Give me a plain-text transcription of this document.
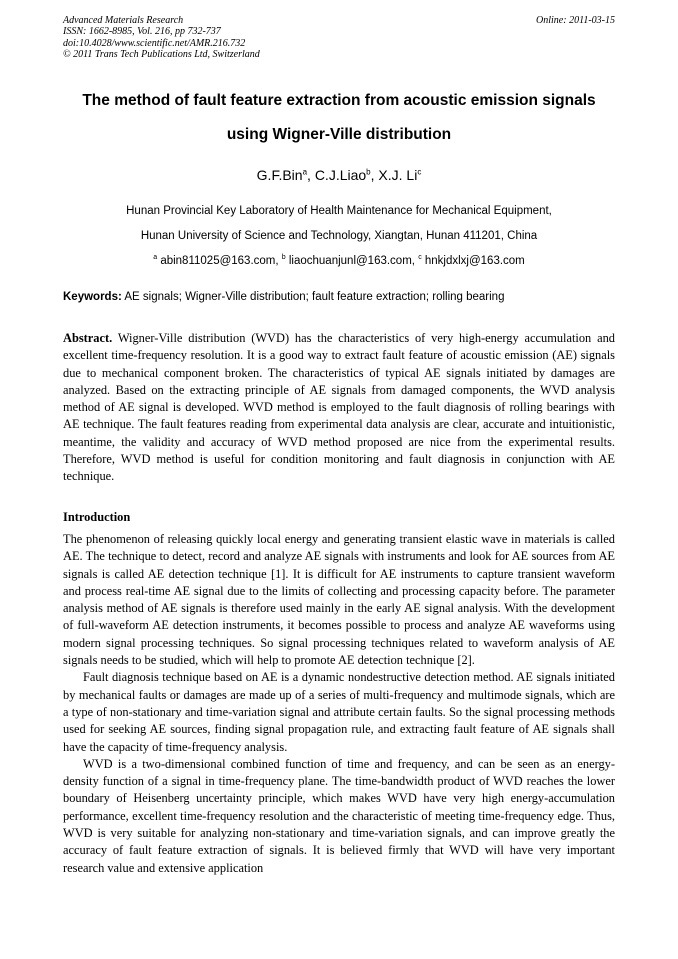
Advanced Materials Research
ISSN: 1662-8985, Vol. 216, pp 732-737
doi:10.4028/www.scientific.net/AMR.216.732
© 2011 Trans Tech Publications Ltd, Switzerland
Online: 2011-03-15
The method of fault feature extraction from acoustic emission signals
using Wigner-Ville distribution
G.F.Bin$^a$, C.J.Liao$^b$, X.J. Li$^c$
Hunan Provincial Key Laboratory of Health Maintenance for Mechanical Equipment,
Hunan University of Science and Technology, Xiangtan, Hunan 411201, China
$^a$ abin811025@163.com, $^b$ liaochuanjunl@163.com, $^c$ hnkjdxlxj@163.com
Keywords: AE signals; Wigner-Ville distribution; fault feature extraction; rolling bearing
Abstract. Wigner-Ville distribution (WVD) has the characteristics of very high-energy accumulation and excellent time-frequency resolution. It is a good way to extract fault feature of acoustic emission (AE) signals due to mechanical component broken. The characteristics of typical AE signals initiated by damages are analyzed. Based on the extracting principle of AE signals from damaged components, the WVD analysis method of AE signal is developed. WVD method is employed to the fault diagnosis of rolling bearings with AE technique. The fault features reading from experimental data analysis are clear, accurate and intuitionistic, meantime, the validity and accuracy of WVD method proposed are nice from the experimental results. Therefore, WVD method is useful for condition monitoring and fault diagnosis in conjunction with AE technique.
Introduction

The phenomenon of releasing quickly local energy and generating transient elastic wave in materials is called AE. The technique to detect, record and analyze AE signals with instruments and look for AE sources from AE signals is called AE detection technique [1]. It is difficult for AE instruments to capture transient waveform and process real-time AE signal due to the limits of collecting and processing capacity before. The parameter analysis method of AE signals is therefore used mainly in the early AE signal analysis. With the development of full-waveform AE detection instruments, it becomes possible to process and analyze AE waveforms using modern signal processing techniques. So signal processing techniques related to waveform analysis of AE signals needs to be studied, which will help to promote AE detection technique [2].

Fault diagnosis technique based on AE is a dynamic nondestructive detection method. AE signals initiated by mechanical faults or damages are made up of a series of multi-frequency and multimode signals, which are a type of non-stationary and time-variation signal and attribute certain faults. So the signal processing methods used for seeking AE sources, finding signal propagation rule, and extracting fault feature of AE signals shall have the capacity of time-frequency analysis.

WVD is a two-dimensional combined function of time and frequency, and can be seen as an energy-density function of a signal in time-frequency plane. The time-bandwidth product of WVD reaches the lower boundary of Heisenberg uncertainty principle, which makes WVD have very high energy-accumulation performance, excellent time-frequency resolution and the characteristic of meeting time-frequency edge. Thus, WVD is very suitable for analyzing non-stationary and time-variation signals, and can improve greatly the accuracy of fault feature extraction of signals. It is believed firmly that WVD will have very important research value and extensive application
